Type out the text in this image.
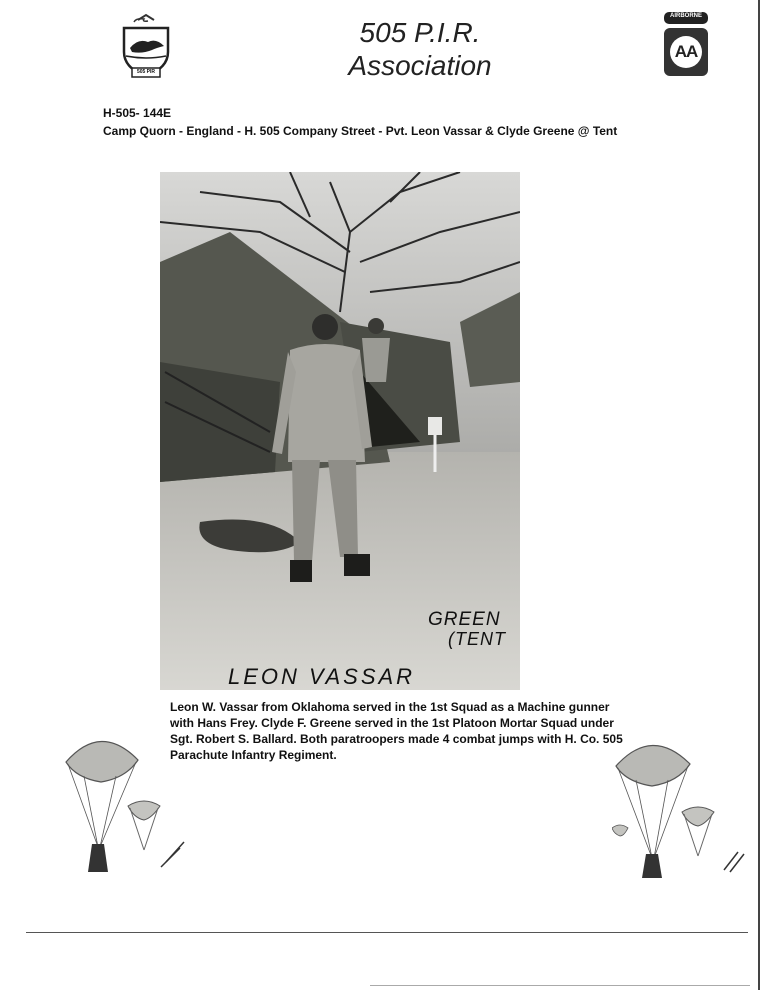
505 PIR
505 P.I.R.
Association
AIRBORNE
AA
H-505- 144E
Camp Quorn - England - H. 505 Company Street - Pvt. Leon Vassar & Clyde Greene @ Tent
GREEN
(TENT
LEON VASSAR
Leon W. Vassar from Oklahoma served in the 1st Squad as a Machine gunner with Hans Frey. Clyde F. Greene served in the 1st Platoon Mortar Squad under Sgt. Robert S. Ballard. Both paratroopers made 4 combat jumps with H. Co. 505 Parachute Infantry Regiment.
